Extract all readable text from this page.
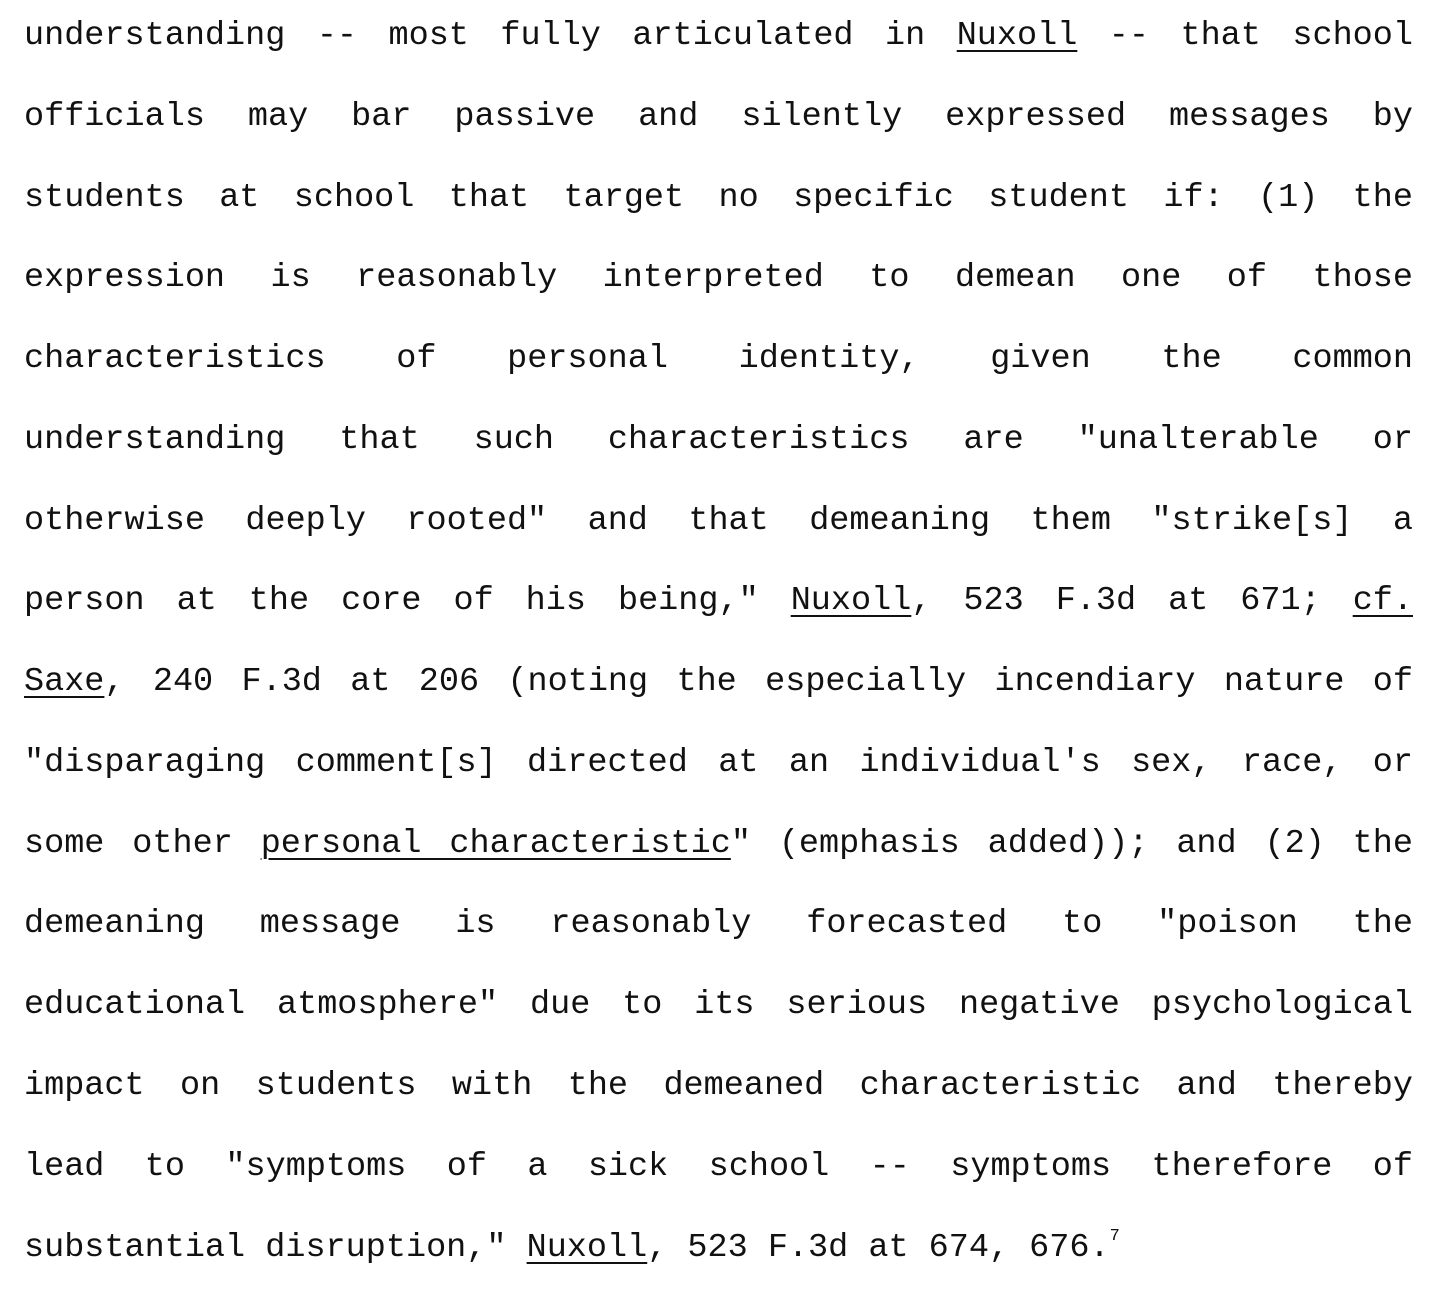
understanding -- most fully articulated in Nuxoll -- that school
officials may bar passive and silently expressed messages by
students at school that target no specific student if: (1) the
expression is reasonably interpreted to demean one of those
characteristics of personal identity, given the common
understanding that such characteristics are "unalterable or
otherwise deeply rooted" and that demeaning them "strike[s] a
person at the core of his being," Nuxoll, 523 F.3d at 671; cf.
Saxe, 240 F.3d at 206 (noting the especially incendiary nature of
"disparaging comment[s] directed at an individual's sex, race, or
some other personal characteristic" (emphasis added)); and (2) the
demeaning message is reasonably forecasted to "poison the
educational atmosphere" due to its serious negative psychological
impact on students with the demeaned characteristic and thereby
lead to "symptoms of a sick school -- symptoms therefore of
substantial disruption," Nuxoll, 523 F.3d at 674, 676.$^7$
